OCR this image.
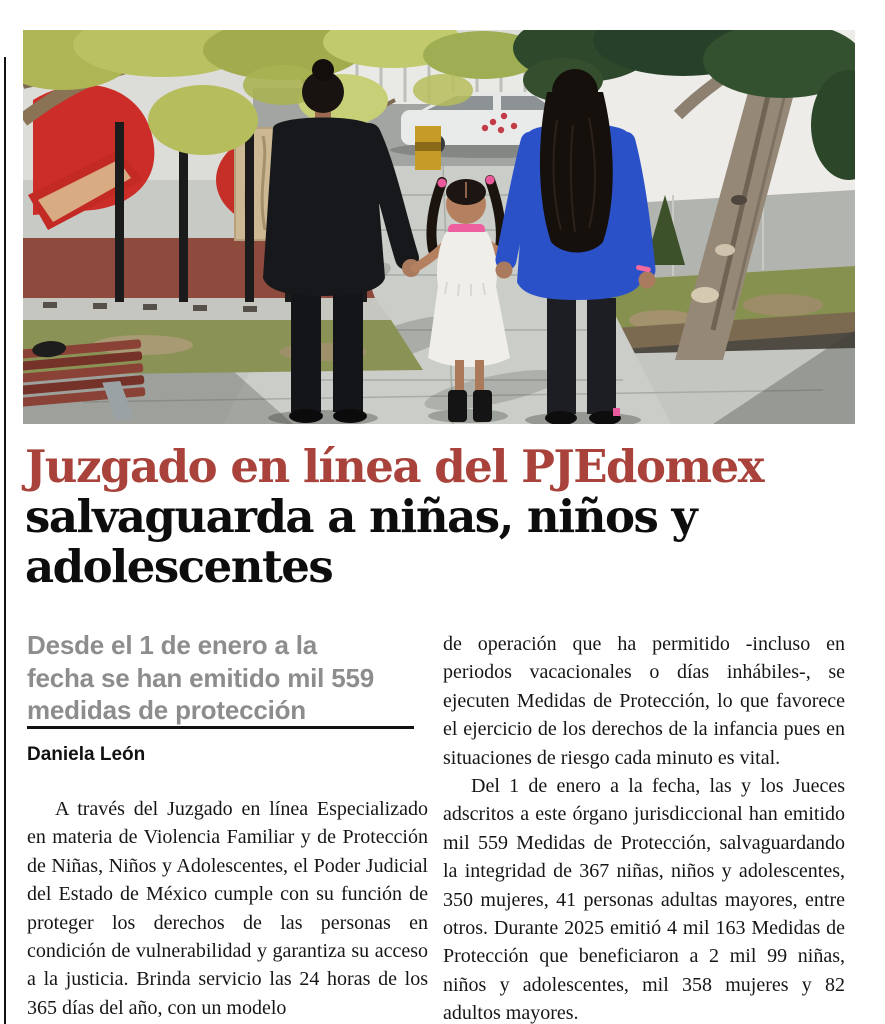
Juzgado en línea del PJEdomex
salvaguarda a niñas, niños y adolescentes
Desde el 1 de enero a la
fecha se han emitido mil 559
medidas de protección
Daniela León

A través del Juzgado en línea Especializado en materia de Violencia Familiar y de Protección de Niñas, Niños y Adolescentes, el Poder Judicial del Estado de México cumple con su función de proteger los derechos de las personas en condición de vulnerabilidad y garantiza su acceso a la justicia. Brinda servicio las 24 horas de los 365 días del año, con un modelo

de operación que ha permitido -incluso en periodos vacacionales o días inhábiles-, se ejecuten Medidas de Protección, lo que favorece el ejercicio de los derechos de la infancia pues en situaciones de riesgo cada minuto es vital.

Del 1 de enero a la fecha, las y los Jueces adscritos a este órgano jurisdiccional han emitido mil 559 Medidas de Protección, salvaguardando la integridad de 367 niñas, niños y adolescentes, 350 mujeres, 41 personas adultas mayores, entre otros. Durante 2025 emitió 4 mil 163 Medidas de Protección que beneficiaron a 2 mil 99 niñas, niños y adolescentes, mil 358 mujeres y 82 adultos mayores.
